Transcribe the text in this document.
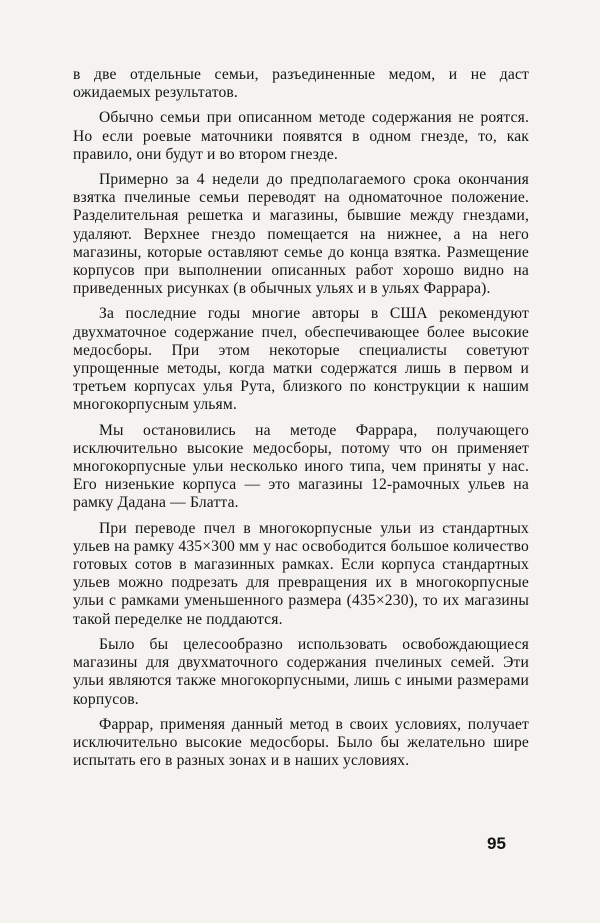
в две отдельные семьи, разъединенные медом, и не даст ожидаемых результатов.

Обычно семьи при описанном методе содержания не роятся. Но если роевые маточники появятся в одном гнезде, то, как правило, они будут и во втором гнезде.

Примерно за 4 недели до предполагаемого срока окончания взятка пчелиные семьи переводят на одноматочное положение. Разделительная решетка и магазины, бывшие между гнездами, удаляют. Верхнее гнездо помещается на нижнее, а на него магазины, которые оставляют семье до конца взятка. Размещение корпусов при выполнении описанных работ хорошо видно на приведенных рисунках (в обычных ульях и в ульях Фаррара).

За последние годы многие авторы в США рекомендуют двухматочное содержание пчел, обеспечивающее более высокие медосборы. При этом некоторые специалисты советуют упрощенные методы, когда матки содержатся лишь в первом и третьем корпусах улья Рута, близкого по конструкции к нашим многокорпусным ульям.

Мы остановились на методе Фаррара, получающего исключительно высокие медосборы, потому что он применяет многокорпусные ульи несколько иного типа, чем приняты у нас. Его низенькие корпуса — это магазины 12-рамочных ульев на рамку Дадана — Блатта.

При переводе пчел в многокорпусные ульи из стандартных ульев на рамку 435×300 мм у нас освободится большое количество готовых сотов в магазинных рамках. Если корпуса стандартных ульев можно подрезать для превращения их в многокорпусные ульи с рамками уменьшенного размера (435×230), то их магазины такой переделке не поддаются.

Было бы целесообразно использовать освобождающиеся магазины для двухматочного содержания пчелиных семей. Эти ульи являются также многокорпусными, лишь с иными размерами корпусов.

Фаррар, применяя данный метод в своих условиях, получает исключительно высокие медосборы. Было бы желательно шире испытать его в разных зонах и в наших условиях.

95
